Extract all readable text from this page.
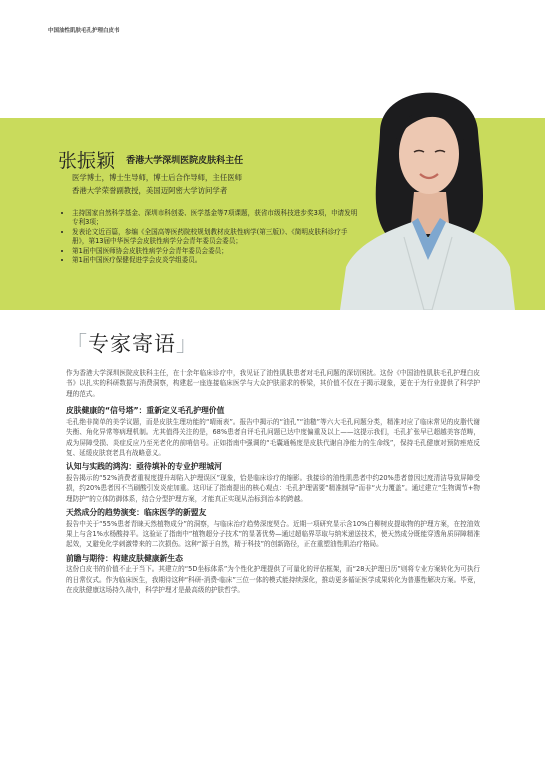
中国油性肌肤毛孔护理白皮书
张振颖 香港大学深圳医院皮肤科主任
医学博士，博士生导师，博士后合作导师，主任医师
香港大学荣誉副教授，美国迈阿密大学访问学者
• 主持国家自然科学基金、深圳市科创委、医学基金等7项课题，获省市级科技进步奖3项，申请发明专利3项；
• 发表论文近百篇，参编《全国高等医药院校规划教材皮肤性病学(第三版)》、《简明皮肤科诊疗手册》，第13届中华医学会皮肤性病学分会青年委员会委员；
• 第1届中国医师协会皮肤性病学分会青年委员会委员；
• 第1届中国医疗保健促进学会皮炎学组委员。
「专家寄语」

作为香港大学深圳医院皮肤科主任，在十余年临床诊疗中，我见证了油性肌肤患者对毛孔问题的深切困扰。这份《中国油性肌肤毛孔护理白皮书》以扎实的科研数据与消费洞察，构建起一座连接临床医学与大众护肤需求的桥梁，其价值不仅在于揭示现象，更在于为行业提供了科学护理的范式。

皮肤健康的“信号塔”：重新定义毛孔护理价值

毛孔绝非简单的美学议题，而是皮肤生理功能的“晴雨表”。报告中揭示的“油孔”“油糙”等六大毛孔问题分类，精准对应了临床常见的皮脂代谢失衡、角化异常等病理机制。尤其值得关注的是，68%患者自评毛孔问题已达中度偏重及以上——这提示我们，毛孔扩张早已超越美容范畴，成为屏障受损、炎症反应乃至光老化的前哨信号。正如指南中强调的“毛囊通畅度是皮肤代谢自净能力的生命线”，保持毛孔健康对预防痤疮反复、延缓皮肤衰老具有战略意义。

认知与实践的鸿沟：亟待填补的专业护理城河

报告揭示的“52%消费者重视度提升却陷入护理误区”现象，恰是临床诊疗的缩影。我接诊的油性肌患者中约20%患者曾因过度清洁导致屏障受损，约20%患者因不当刷酸引发炎症加重。这印证了指南提出的核心观点：毛孔护理需要“精准制导”而非“火力覆盖”。通过建立“生物调节+物理防护”的立体防御体系，结合分型护理方案，才能真正实现从治标到治本的跨越。

天然成分的趋势演变：临床医学的新盟友

报告中关于“55%患者青睐天然植物成分”的洞察，与临床治疗趋势深度契合。近期一项研究显示含10%白柳树皮提取物的护理方案，在控油效果上与含1%水杨酸持平。这验证了指南中“植物超分子技术”的显著优势—通过超临界萃取与纳米递送技术，使天然成分既能穿透角质屏障精准起效，又避免化学刺激带来的二次损伤。这种“源于自然，精于科技”的创新路径，正在重塑油性肌治疗格局。

前瞻与期待：构建皮肤健康新生态

这份白皮书的价值不止于当下。其建立的“5D坐标体系”为个性化护理提供了可量化的评估框架，而“28天护理日历”则将专业方案转化为可执行的日常仪式。作为临床医生，我期待这种“科研-消费-临床”三位一体的模式能持续深化，推动更多循证医学成果转化为普惠性解决方案。毕竟，在皮肤健康这场持久战中，科学护理才是最高级的护肤哲学。
